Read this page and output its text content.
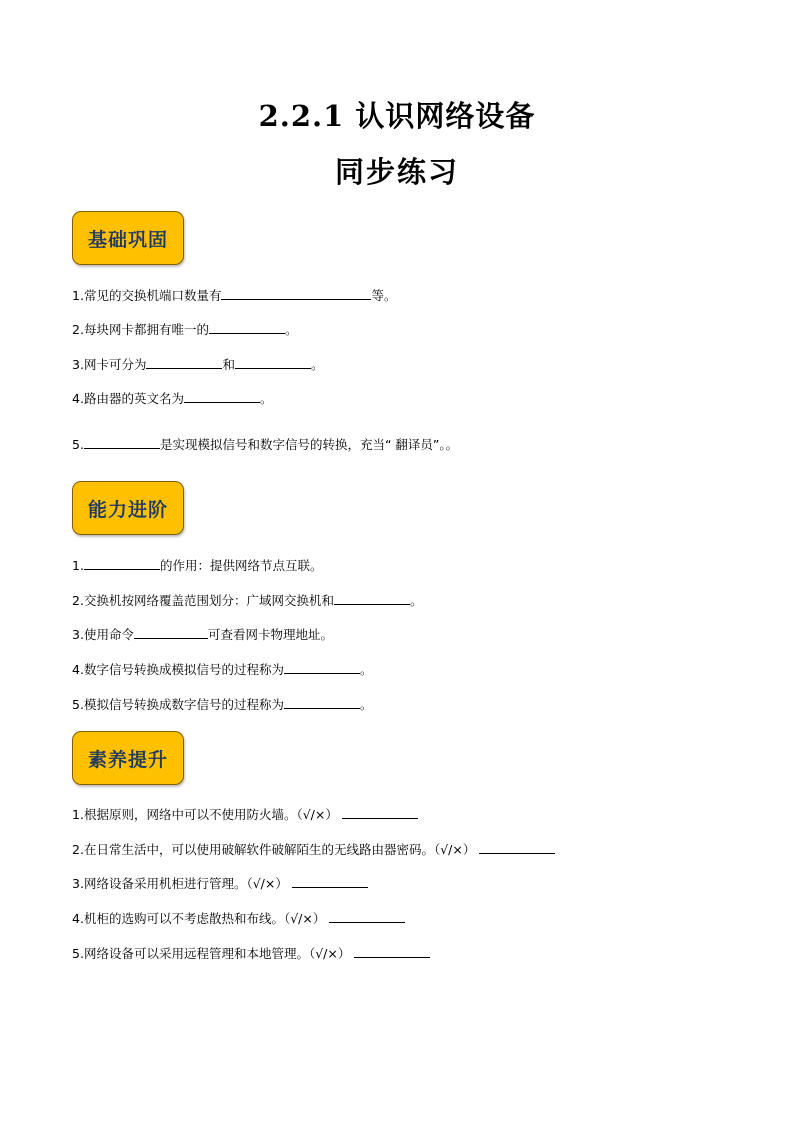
2.2.1 认识网络设备
同步练习
基础巩固
1.常见的交换机端口数量有	等。
2.每块网卡都拥有唯一的	。
3.网卡可分为	和	。
4.路由器的英文名为	。
5.	是实现模拟信号和数字信号的转换，充当“ 翻译员”。。
能力进阶
1.	的作用：提供网络节点互联。
2.交换机按网络覆盖范围划分：广域网交换机和	。
3.使用命令	可查看网卡物理地址。
4.数字信号转换成模拟信号的过程称为	。
5.模拟信号转换成数字信号的过程称为	。
素养提升
1.根据原则，网络中可以不使用防火墙。（√/×）
2.在日常生活中，可以使用破解软件破解陌生的无线路由器密码。（√/×）
3.网络设备采用机柜进行管理。（√/×）
4.机柜的选购可以不考虑散热和布线。（√/×）
5.网络设备可以采用远程管理和本地管理。（√/×）
